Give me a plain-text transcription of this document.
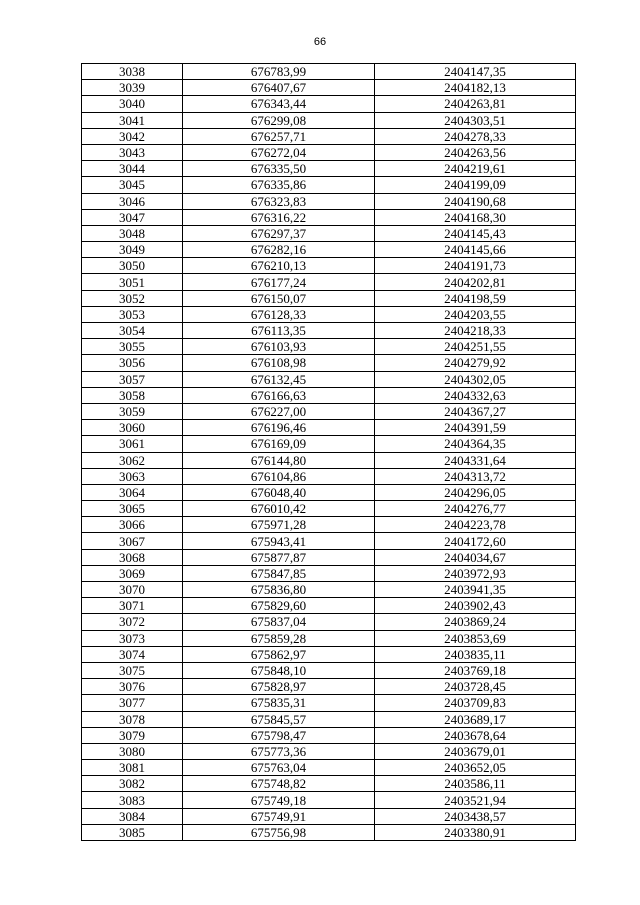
66
3038	676783,99	2404147,35
3039	676407,67	2404182,13
3040	676343,44	2404263,81
3041	676299,08	2404303,51
3042	676257,71	2404278,33
3043	676272,04	2404263,56
3044	676335,50	2404219,61
3045	676335,86	2404199,09
3046	676323,83	2404190,68
3047	676316,22	2404168,30
3048	676297,37	2404145,43
3049	676282,16	2404145,66
3050	676210,13	2404191,73
3051	676177,24	2404202,81
3052	676150,07	2404198,59
3053	676128,33	2404203,55
3054	676113,35	2404218,33
3055	676103,93	2404251,55
3056	676108,98	2404279,92
3057	676132,45	2404302,05
3058	676166,63	2404332,63
3059	676227,00	2404367,27
3060	676196,46	2404391,59
3061	676169,09	2404364,35
3062	676144,80	2404331,64
3063	676104,86	2404313,72
3064	676048,40	2404296,05
3065	676010,42	2404276,77
3066	675971,28	2404223,78
3067	675943,41	2404172,60
3068	675877,87	2404034,67
3069	675847,85	2403972,93
3070	675836,80	2403941,35
3071	675829,60	2403902,43
3072	675837,04	2403869,24
3073	675859,28	2403853,69
3074	675862,97	2403835,11
3075	675848,10	2403769,18
3076	675828,97	2403728,45
3077	675835,31	2403709,83
3078	675845,57	2403689,17
3079	675798,47	2403678,64
3080	675773,36	2403679,01
3081	675763,04	2403652,05
3082	675748,82	2403586,11
3083	675749,18	2403521,94
3084	675749,91	2403438,57
3085	675756,98	2403380,91
